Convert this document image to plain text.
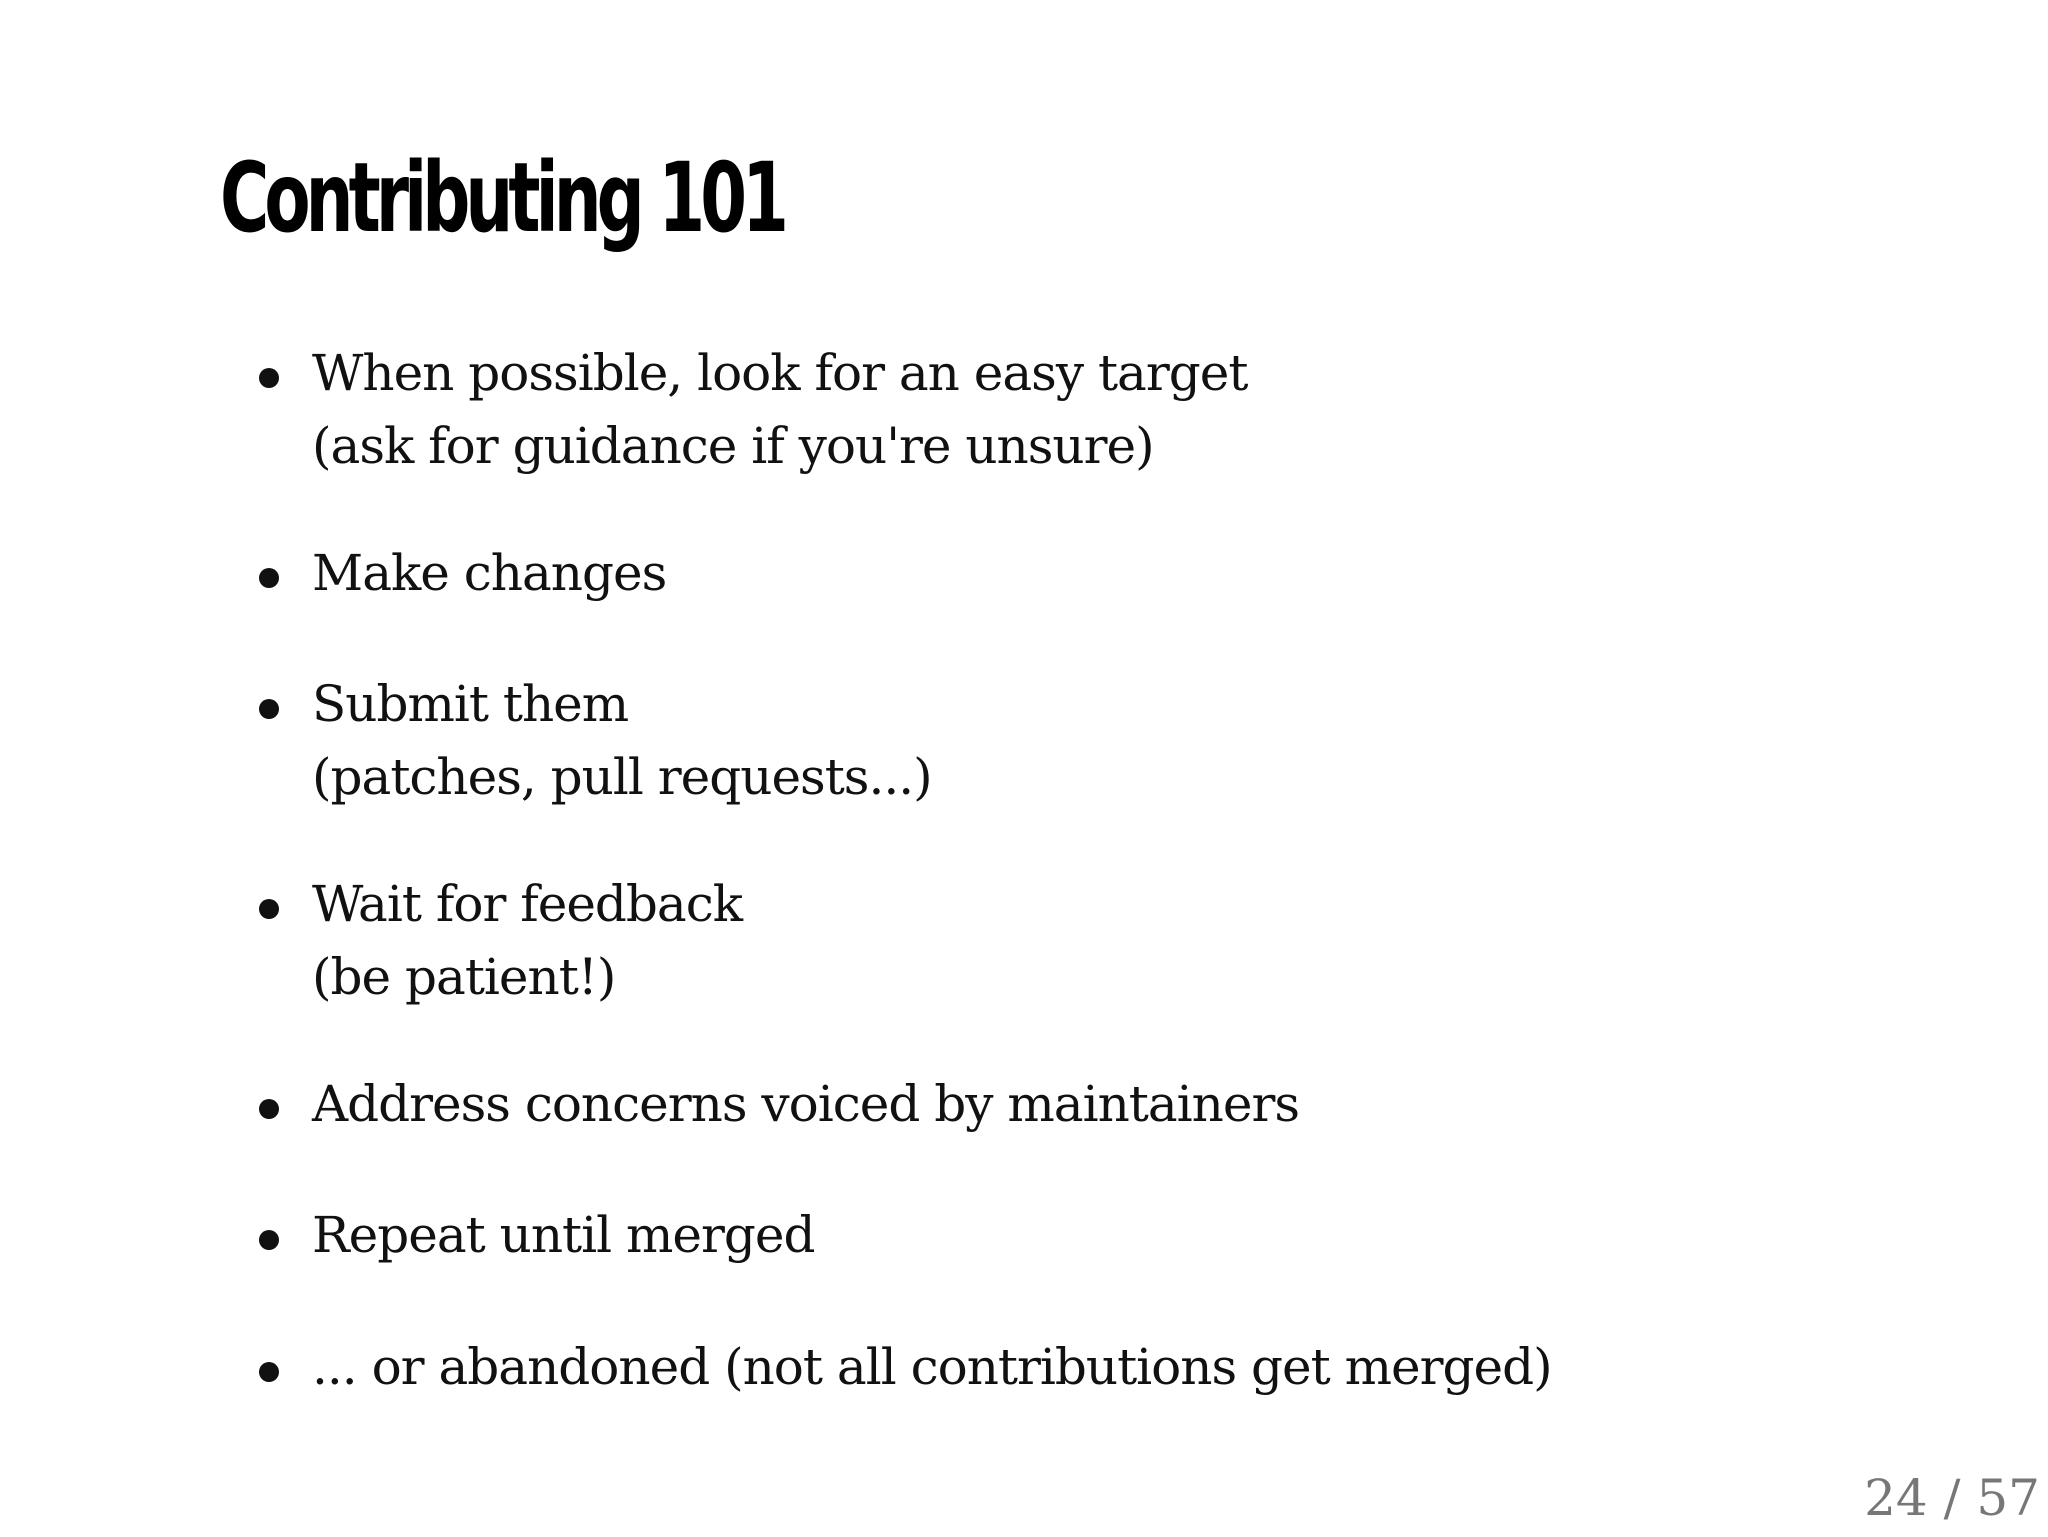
Contributing 101
When possible, look for an easy target
(ask for guidance if you're unsure)
Make changes
Submit them
(patches, pull requests...)
Wait for feedback
(be patient!)
Address concerns voiced by maintainers
Repeat until merged
... or abandoned (not all contributions get merged)
24 / 57
